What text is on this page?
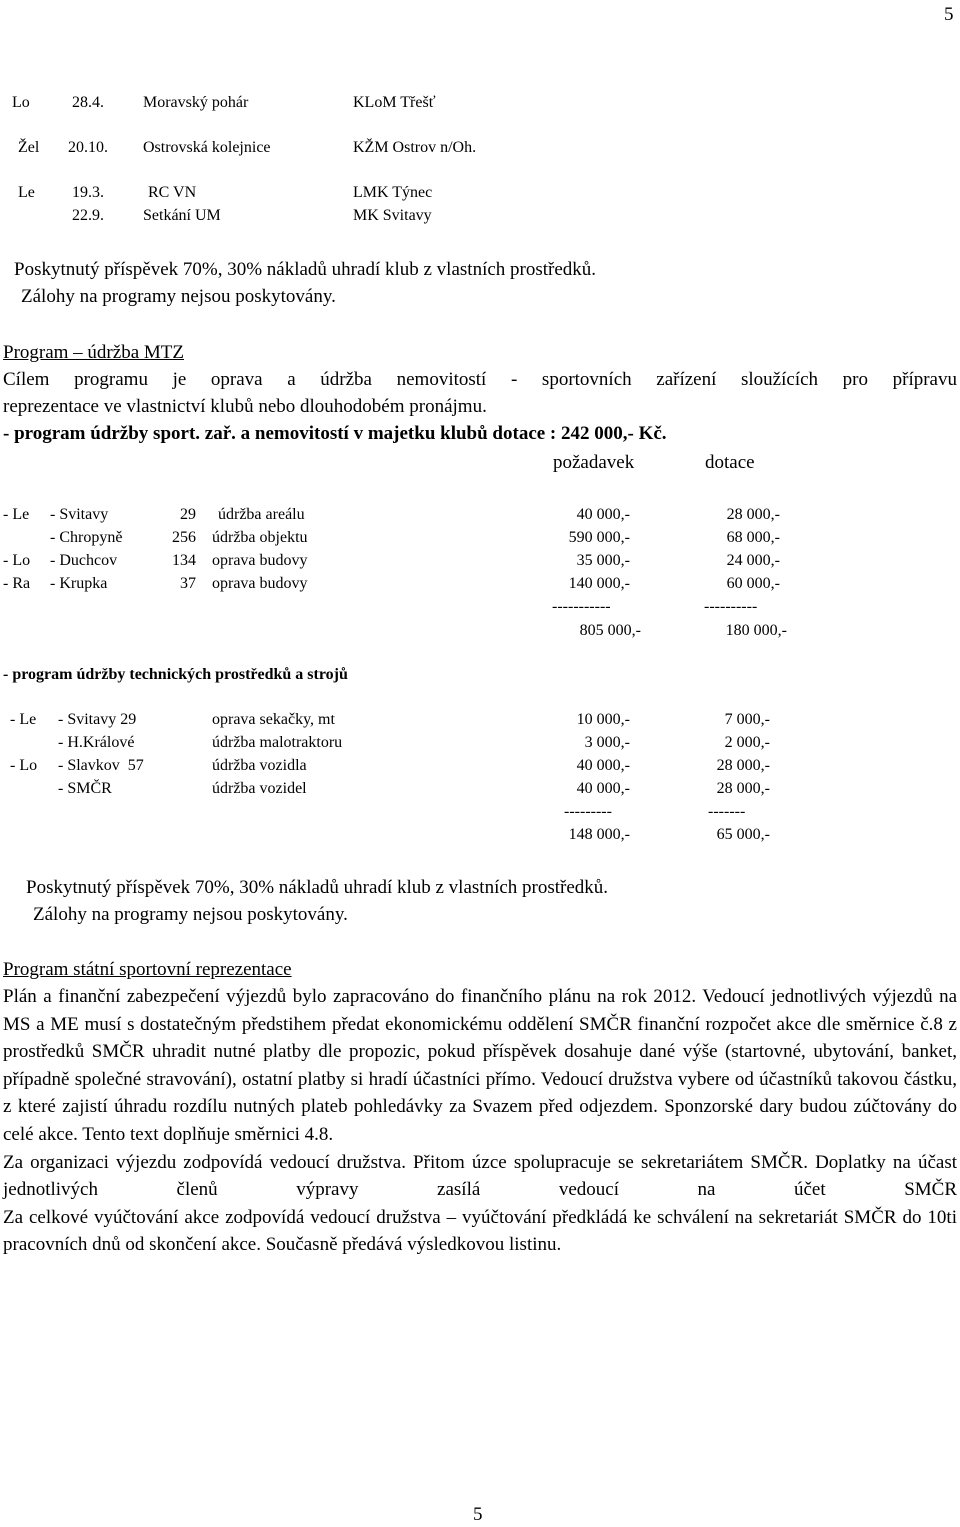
5
Lo	28.4. Moravský pohár	KLoM Třešť
Žel 20.10. Ostrovská kolejnice	KŽM Ostrov n/Oh.
Le 19.3.	RC VN	LMK Týnec
22.9. Setkání UM	MK Svitavy
Poskytnutý příspěvek 70%, 30% nákladů uhradí klub z vlastních prostředků.
Zálohy na programy nejsou poskytovány.
Program – údržba MTZ
Cílem programu je oprava a údržba nemovitostí - sportovních zařízení sloužících pro přípravu
reprezentace ve vlastnictví klubů nebo dlouhodobém pronájmu.
- program údržby sport. zař. a nemovitostí v majetku klubů dotace : 242 000,- Kč.
požadavek	dotace
- Le - Svitavy	29 údržba areálu	40 000,-	28 000,-
- Chropyně	256 údržba objektu	590 000,-	68 000,-
- Lo - Duchcov	134 oprava budovy	35 000,-	24 000,-
- Ra - Krupka	37 oprava budovy	140 000,-	60 000,-
-----------	----------
805 000,-	180 000,-
- program údržby technických prostředků a strojů
- Le - Svitavy 29	oprava sekačky, mt	10 000,-	7 000,-
- H.Králové	údržba malotraktoru	3 000,-	2 000,-
- Lo - Slavkov  57	údržba vozidla	40 000,-	28 000,-
- SMČR	údržba vozidel	40 000,-	28 000,-
---------	-------
148 000,-	65 000,-
Poskytnutý příspěvek 70%, 30% nákladů uhradí klub z vlastních prostředků.
Zálohy na programy nejsou poskytovány.
Program státní sportovní reprezentace

Plán a finanční zabezpečení výjezdů bylo zapracováno do finančního plánu na rok 2012. Vedoucí jednotlivých výjezdů na MS a ME musí s dostatečným předstihem předat ekonomickému oddělení SMČR finanční rozpočet akce dle směrnice č.8 z prostředků SMČR uhradit nutné platby dle propozic, pokud příspěvek dosahuje dané výše (startovné, ubytování, banket, případně společné stravování), ostatní platby si hradí účastníci přímo. Vedoucí družstva vybere od účastníků takovou částku, z které zajistí úhradu rozdílu nutných plateb pohledávky za Svazem před odjezdem. Sponzorské dary budou zúčtovány do celé akce. Tento text doplňuje směrnici 4.8.

Za organizaci výjezdu zodpovídá vedoucí družstva. Přitom úzce spolupracuje se sekretariátem SMČR. Doplatky na účast jednotlivých členů výpravy zasílá vedoucí na účet SMČR

Za celkové vyúčtování akce zodpovídá vedoucí družstva – vyúčtování předkládá ke schválení na sekretariát SMČR do 10ti pracovních dnů od skončení akce. Současně předává výsledkovou listinu.

5
